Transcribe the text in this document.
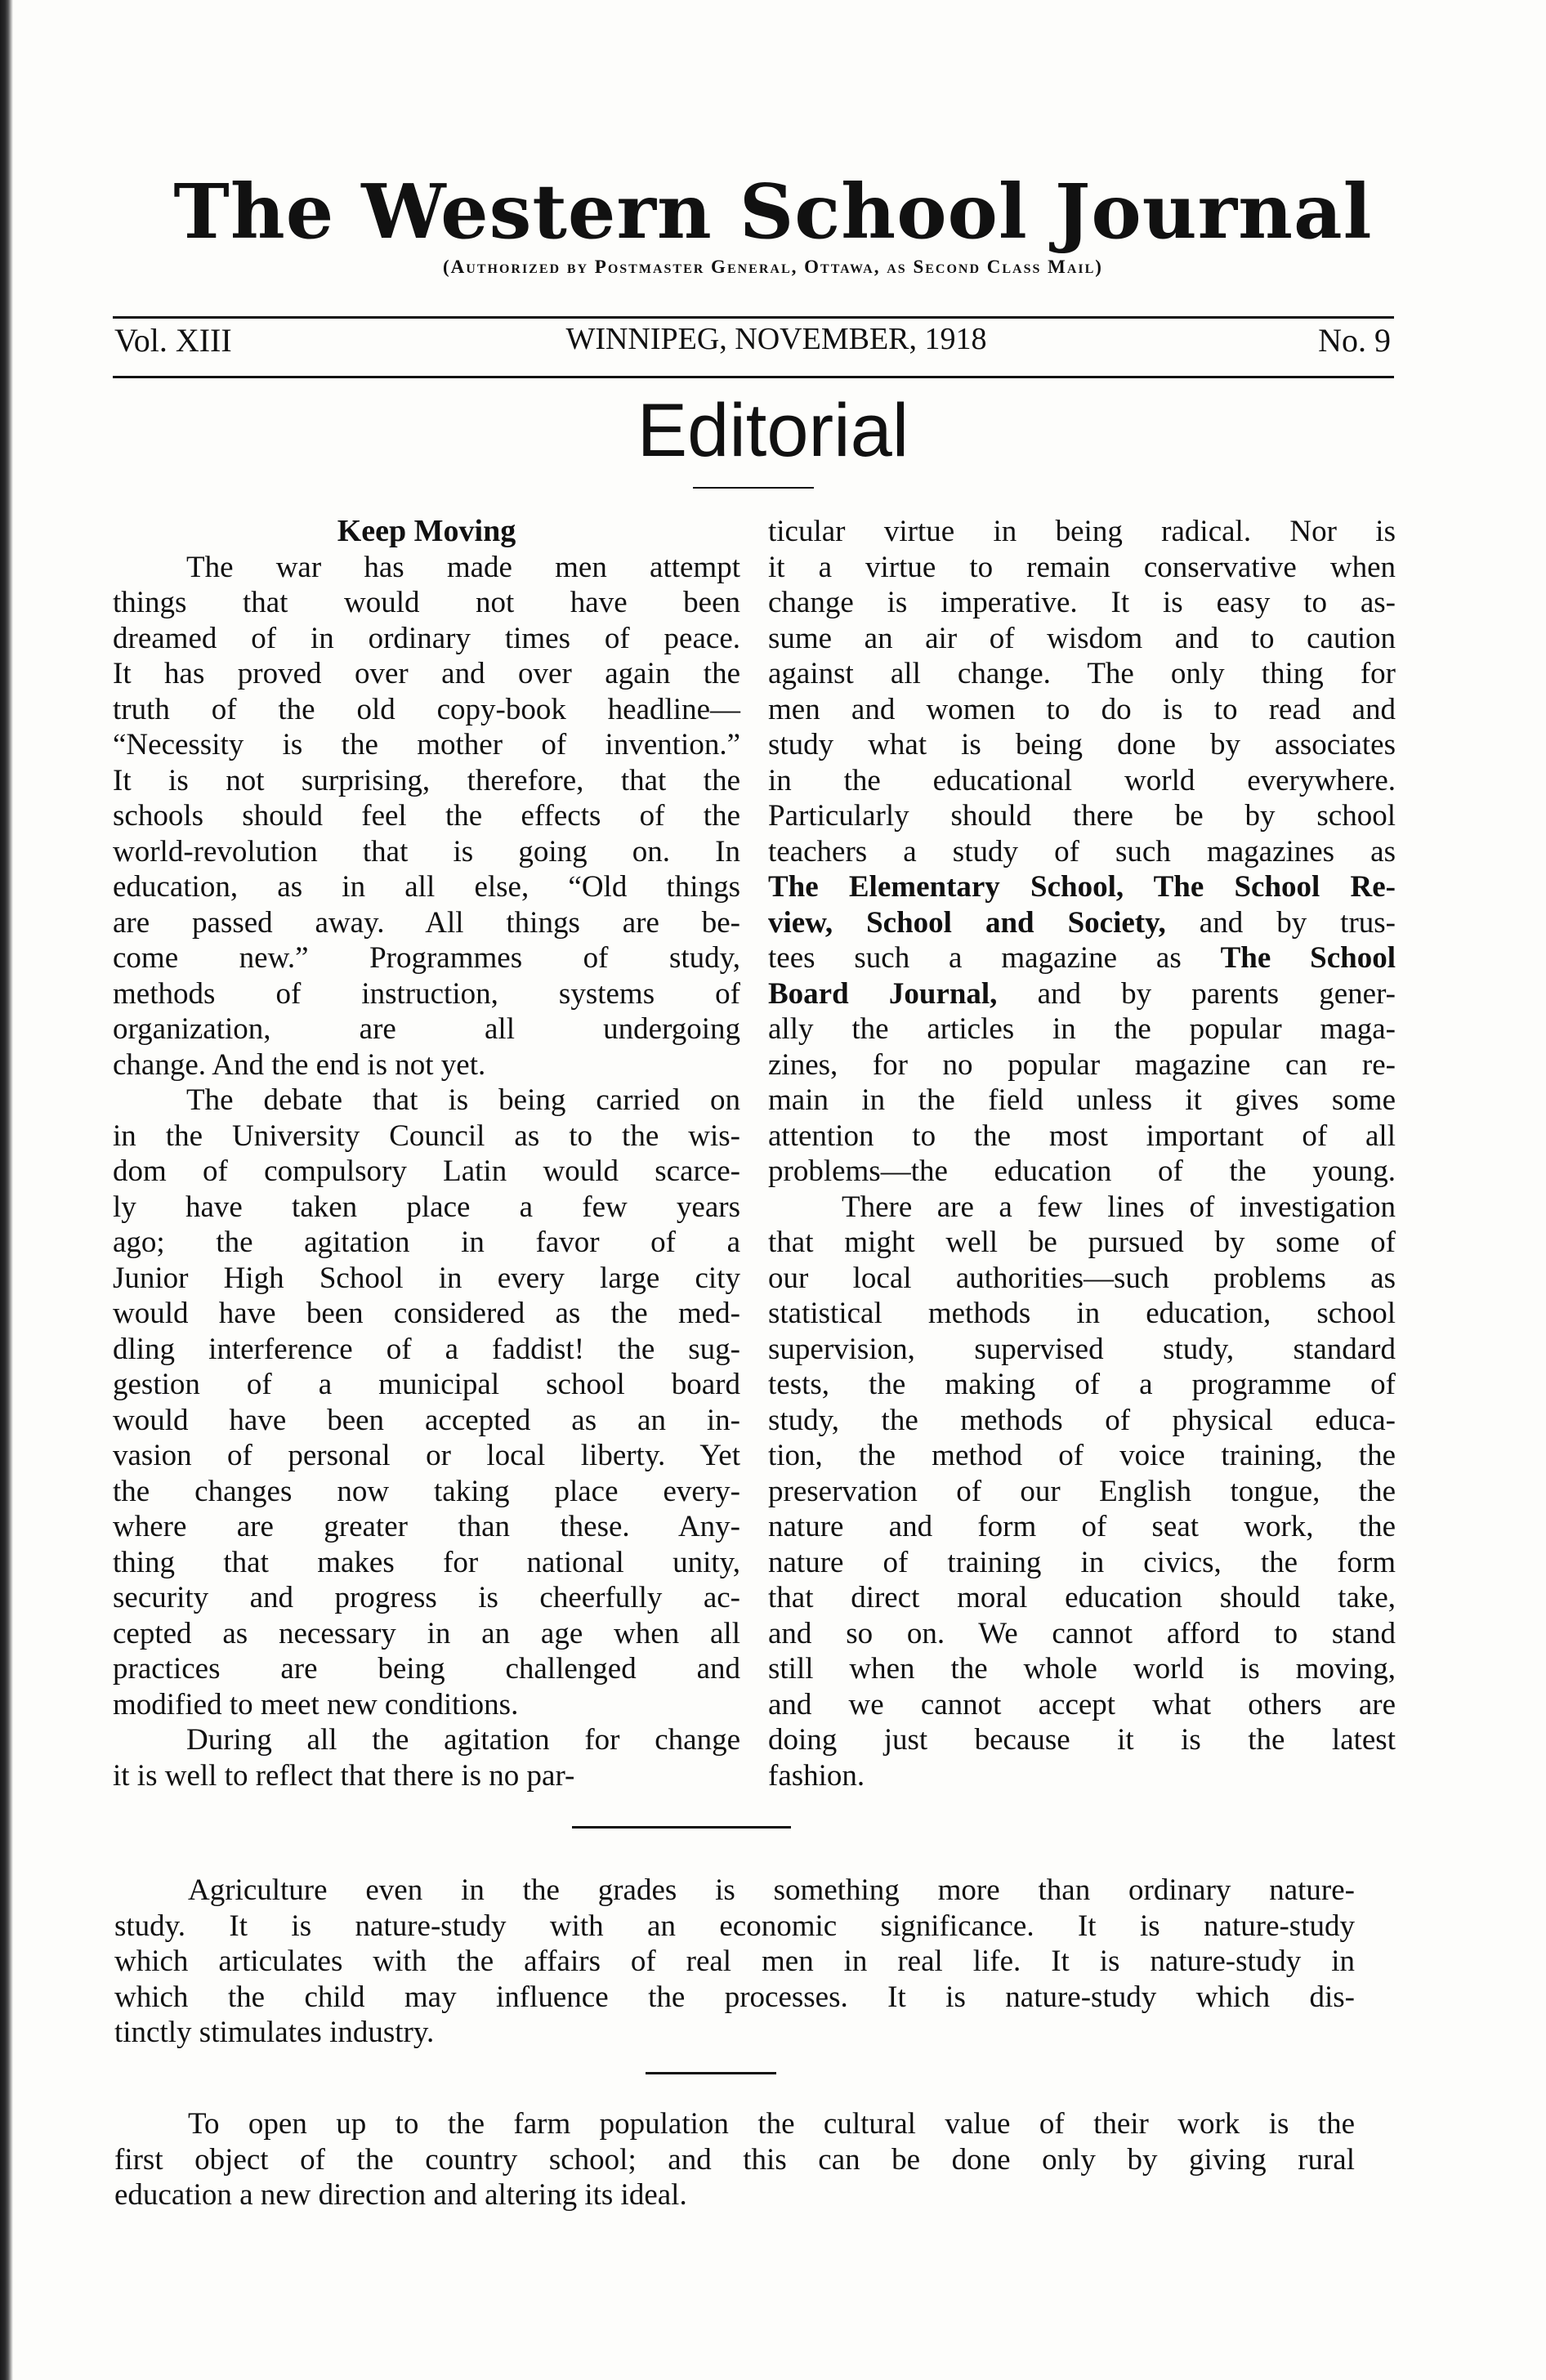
The Western School Journal
(Authorized by Postmaster General, Ottawa, as Second Class Mail)
Vol. XIII	WINNIPEG, NOVEMBER, 1918	No. 9
Editorial
Keep Moving
The war has made men attempt
things that would not have been
dreamed of in ordinary times of peace.
It has proved over and over again the
truth of the old copy-book headline—
“Necessity is the mother of invention.”
It is not surprising, therefore, that the
schools should feel the effects of the
world-revolution that is going on. In
education, as in all else, “Old things
are passed away. All things are be-
come new.” Programmes of study,
methods of instruction, systems of
organization, are all undergoing
change. And the end is not yet.
The debate that is being carried on
in the University Council as to the wis-
dom of compulsory Latin would scarce-
ly have taken place a few years
ago; the agitation in favor of a
Junior High School in every large city
would have been considered as the med-
dling interference of a faddist! the sug-
gestion of a municipal school board
would have been accepted as an in-
vasion of personal or local liberty. Yet
the changes now taking place every-
where are greater than these. Any-
thing that makes for national unity,
security and progress is cheerfully ac-
cepted as necessary in an age when all
practices are being challenged and
modified to meet new conditions.
During all the agitation for change
it is well to reflect that there is no par-
ticular virtue in being radical. Nor is
it a virtue to remain conservative when
change is imperative. It is easy to as-
sume an air of wisdom and to caution
against all change. The only thing for
men and women to do is to read and
study what is being done by associates
in the educational world everywhere.
Particularly should there be by school
teachers a study of such magazines as
The Elementary School, The School Re-
view, School and Society, and by trus-
tees such a magazine as The School
Board Journal, and by parents gener-
ally the articles in the popular maga-
zines, for no popular magazine can re-
main in the field unless it gives some
attention to the most important of all
problems—the education of the young.
There are a few lines of investigation
that might well be pursued by some of
our local authorities—such problems as
statistical methods in education, school
supervision, supervised study, standard
tests, the making of a programme of
study, the methods of physical educa-
tion, the method of voice training, the
preservation of our English tongue, the
nature and form of seat work, the
nature of training in civics, the form
that direct moral education should take,
and so on. We cannot afford to stand
still when the whole world is moving,
and we cannot accept what others are
doing just because it is the latest
fashion.
Agriculture even in the grades is something more than ordinary nature-
study. It is nature-study with an economic significance. It is nature-study
which articulates with the affairs of real men in real life. It is nature-study in
which the child may influence the processes. It is nature-study which dis-
tinctly stimulates industry.
To open up to the farm population the cultural value of their work is the
first object of the country school; and this can be done only by giving rural
education a new direction and altering its ideal.
